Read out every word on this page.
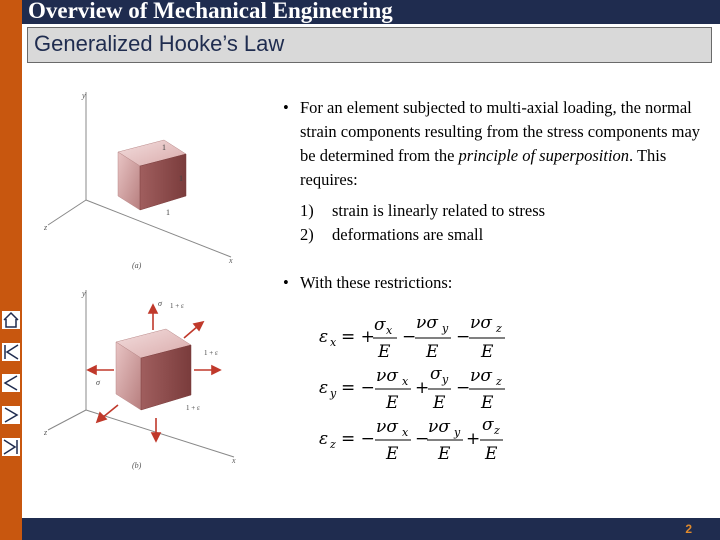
Overview of Mechanical Engineering
Generalized Hooke’s Law
y
x
z
1
1
1
(a)
y
x
z
σ
σ
1 + ε
1 + ε
1 + ε
(b)
• For an element subjected to multi-axial loading, the normal strain components resulting from the stress components may be determined from the principle of superposition. This requires:
1)	strain is linearly related to stress
2)	deformations are small
• With these restrictions:
ε x = +
σ x
E
−
νσ y
E
−
νσ z
E
ε y = −
νσ x
E
+
σ y
E
−
νσ z
E
ε z = −
νσ x
E
−
νσ y
E
+
σ z
E
2
